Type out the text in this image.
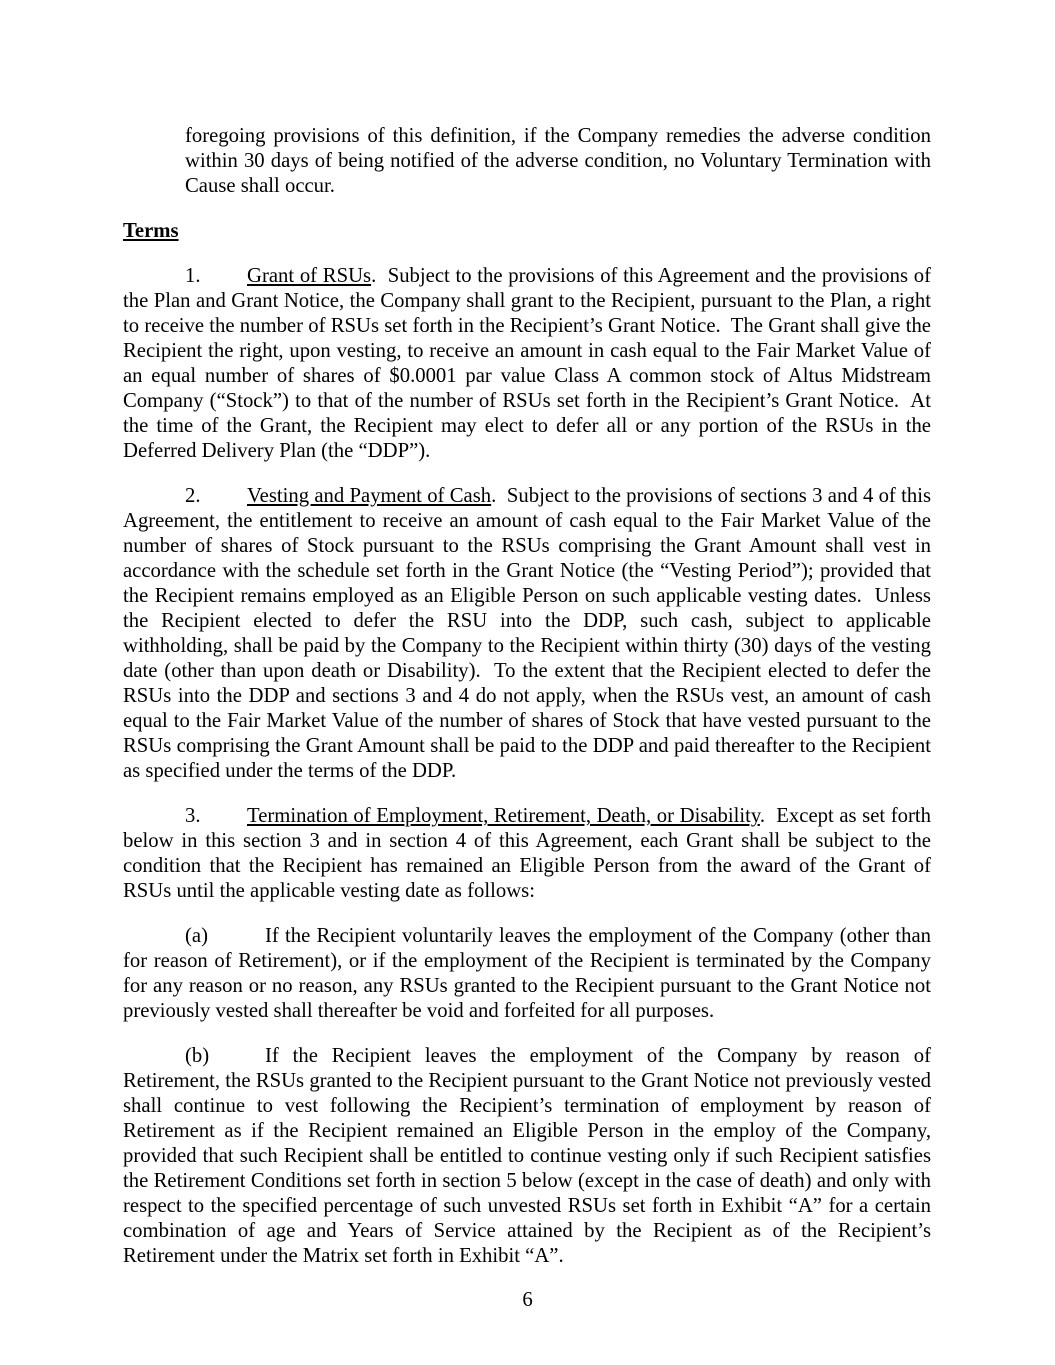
foregoing provisions of this definition, if the Company remedies the adverse condition within 30 days of being notified of the adverse condition, no Voluntary Termination with Cause shall occur.

Terms

1. Grant of RSUs.  Subject to the provisions of this Agreement and the provisions of the Plan and Grant Notice, the Company shall grant to the Recipient, pursuant to the Plan, a right to receive the number of RSUs set forth in the Recipient’s Grant Notice.  The Grant shall give the Recipient the right, upon vesting, to receive an amount in cash equal to the Fair Market Value of an equal number of shares of $0.0001 par value Class A common stock of Altus Midstream Company (“Stock”) to that of the number of RSUs set forth in the Recipient’s Grant Notice.  At the time of the Grant, the Recipient may elect to defer all or any portion of the RSUs in the Deferred Delivery Plan (the “DDP”).

2. Vesting and Payment of Cash.  Subject to the provisions of sections 3 and 4 of this Agreement, the entitlement to receive an amount of cash equal to the Fair Market Value of the number of shares of Stock pursuant to the RSUs comprising the Grant Amount shall vest in accordance with the schedule set forth in the Grant Notice (the “Vesting Period”); provided that the Recipient remains employed as an Eligible Person on such applicable vesting dates.  Unless the Recipient elected to defer the RSU into the DDP, such cash, subject to applicable withholding, shall be paid by the Company to the Recipient within thirty (30) days of the vesting date (other than upon death or Disability).  To the extent that the Recipient elected to defer the RSUs into the DDP and sections 3 and 4 do not apply, when the RSUs vest, an amount of cash equal to the Fair Market Value of the number of shares of Stock that have vested pursuant to the RSUs comprising the Grant Amount shall be paid to the DDP and paid thereafter to the Recipient as specified under the terms of the DDP.

3. Termination of Employment, Retirement, Death, or Disability.  Except as set forth below in this section 3 and in section 4 of this Agreement, each Grant shall be subject to the condition that the Recipient has remained an Eligible Person from the award of the Grant of RSUs until the applicable vesting date as follows:

(a)	If the Recipient voluntarily leaves the employment of the Company (other than for reason of Retirement), or if the employment of the Recipient is terminated by the Company for any reason or no reason, any RSUs granted to the Recipient pursuant to the Grant Notice not previously vested shall thereafter be void and forfeited for all purposes.

(b)	If the Recipient leaves the employment of the Company by reason of Retirement, the RSUs granted to the Recipient pursuant to the Grant Notice not previously vested shall continue to vest following the Recipient’s termination of employment by reason of Retirement as if the Recipient remained an Eligible Person in the employ of the Company, provided that such Recipient shall be entitled to continue vesting only if such Recipient satisfies the Retirement Conditions set forth in section 5 below (except in the case of death) and only with respect to the specified percentage of such unvested RSUs set forth in Exhibit “A” for a certain combination of age and Years of Service attained by the Recipient as of the Recipient’s Retirement under the Matrix set forth in Exhibit “A”.

6
